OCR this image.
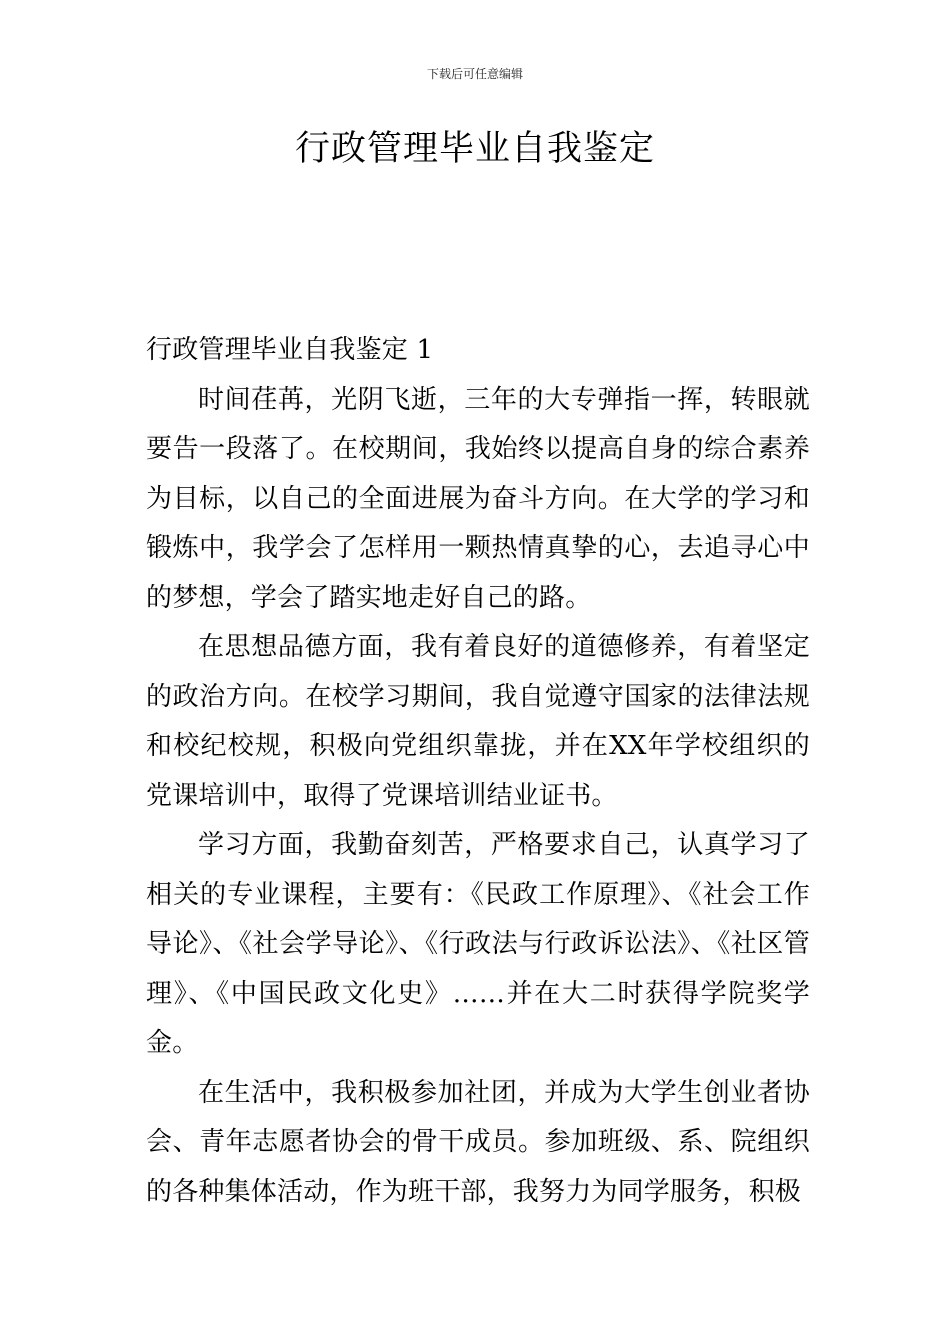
下载后可任意编辑
行政管理毕业自我鉴定
行政管理毕业自我鉴定 1

时间荏苒，光阴飞逝，三年的大专弹指一挥，转眼就要告一段落了。在校期间，我始终以提高自身的综合素养为目标，以自己的全面进展为奋斗方向。在大学的学习和锻炼中，我学会了怎样用一颗热情真挚的心，去追寻心中的梦想，学会了踏实地走好自己的路。

在思想品德方面，我有着良好的道德修养，有着坚定的政治方向。在校学习期间，我自觉遵守国家的法律法规和校纪校规，积极向党组织靠拢，并在XX年学校组织的党课培训中，取得了党课培训结业证书。

学习方面，我勤奋刻苦，严格要求自己，认真学习了相关的专业课程，主要有：《民政工作原理》、《社会工作导论》、《社会学导论》、《行政法与行政诉讼法》、《社区管理》、《中国民政文化史》……并在大二时获得学院奖学金。

在生活中，我积极参加社团，并成为大学生创业者协会、青年志愿者协会的骨干成员。参加班级、系、院组织的各种集体活动，作为班干部，我努力为同学服务，积极
